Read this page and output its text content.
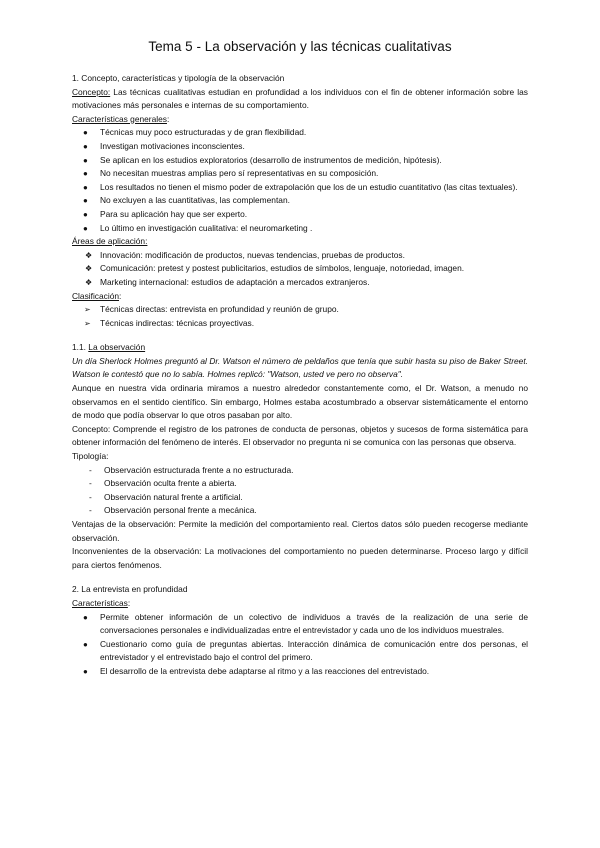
Tema 5 - La observación y las técnicas cualitativas

1. Concepto, características y tipología de la observación

Concepto: Las técnicas cualitativas estudian en profundidad a los individuos con el fin de obtener información sobre las motivaciones más personales e internas de su comportamiento.

Características generales:

● Técnicas muy poco estructuradas y de gran flexibilidad.
● Investigan motivaciones inconscientes.
● Se aplican en los estudios exploratorios (desarrollo de instrumentos de medición, hipótesis).
● No necesitan muestras amplias pero sí representativas en su composición.
● Los resultados no tienen el mismo poder de extrapolación que los de un estudio cuantitativo (las citas textuales).
● No excluyen a las cuantitativas, las complementan.
● Para su aplicación hay que ser experto.
● Lo último en investigación cualitativa: el neuromarketing .

Áreas de aplicación:

❖ Innovación: modificación de productos, nuevas tendencias, pruebas de productos.
❖ Comunicación: pretest y postest publicitarios, estudios de símbolos, lenguaje, notoriedad, imagen.
❖ Marketing internacional: estudios de adaptación a mercados extranjeros.

Clasificación:

➢ Técnicas directas: entrevista en profundidad y reunión de grupo.
➢ Técnicas indirectas: técnicas proyectivas.

1.1. La observación

Un día Sherlock Holmes preguntó al Dr. Watson el número de peldaños que tenía que subir hasta su piso de Baker Street. Watson le contestó que no lo sabía. Holmes replicó: "Watson, usted ve pero no observa".

Aunque en nuestra vida ordinaria miramos a nuestro alrededor constantemente como, el Dr. Watson, a menudo no observamos en el sentido científico. Sin embargo, Holmes estaba acostumbrado a observar sistemáticamente el entorno de modo que podía observar lo que otros pasaban por alto.

Concepto: Comprende el registro de los patrones de conducta de personas, objetos y sucesos de forma sistemática para obtener información del fenómeno de interés. El observador no pregunta ni se comunica con las personas que observa.

Tipología:

- Observación estructurada frente a no estructurada.
- Observación oculta frente a abierta.
- Observación natural frente a artificial.
- Observación personal frente a mecánica.

Ventajas de la observación: Permite la medición del comportamiento real. Ciertos datos sólo pueden recogerse mediante observación.

Inconvenientes de la observación: La motivaciones del comportamiento no pueden determinarse. Proceso largo y difícil para ciertos fenómenos.

2. La entrevista en profundidad

Características:

● Permite obtener información de un colectivo de individuos a través de la realización de una serie de conversaciones personales e individualizadas entre el entrevistador y cada uno de los individuos muestrales.
● Cuestionario como guía de preguntas abiertas. Interacción dinámica de comunicación entre dos personas, el entrevistador y el entrevistado bajo el control del primero.
● El desarrollo de la entrevista debe adaptarse al ritmo y a las reacciones del entrevistado.
